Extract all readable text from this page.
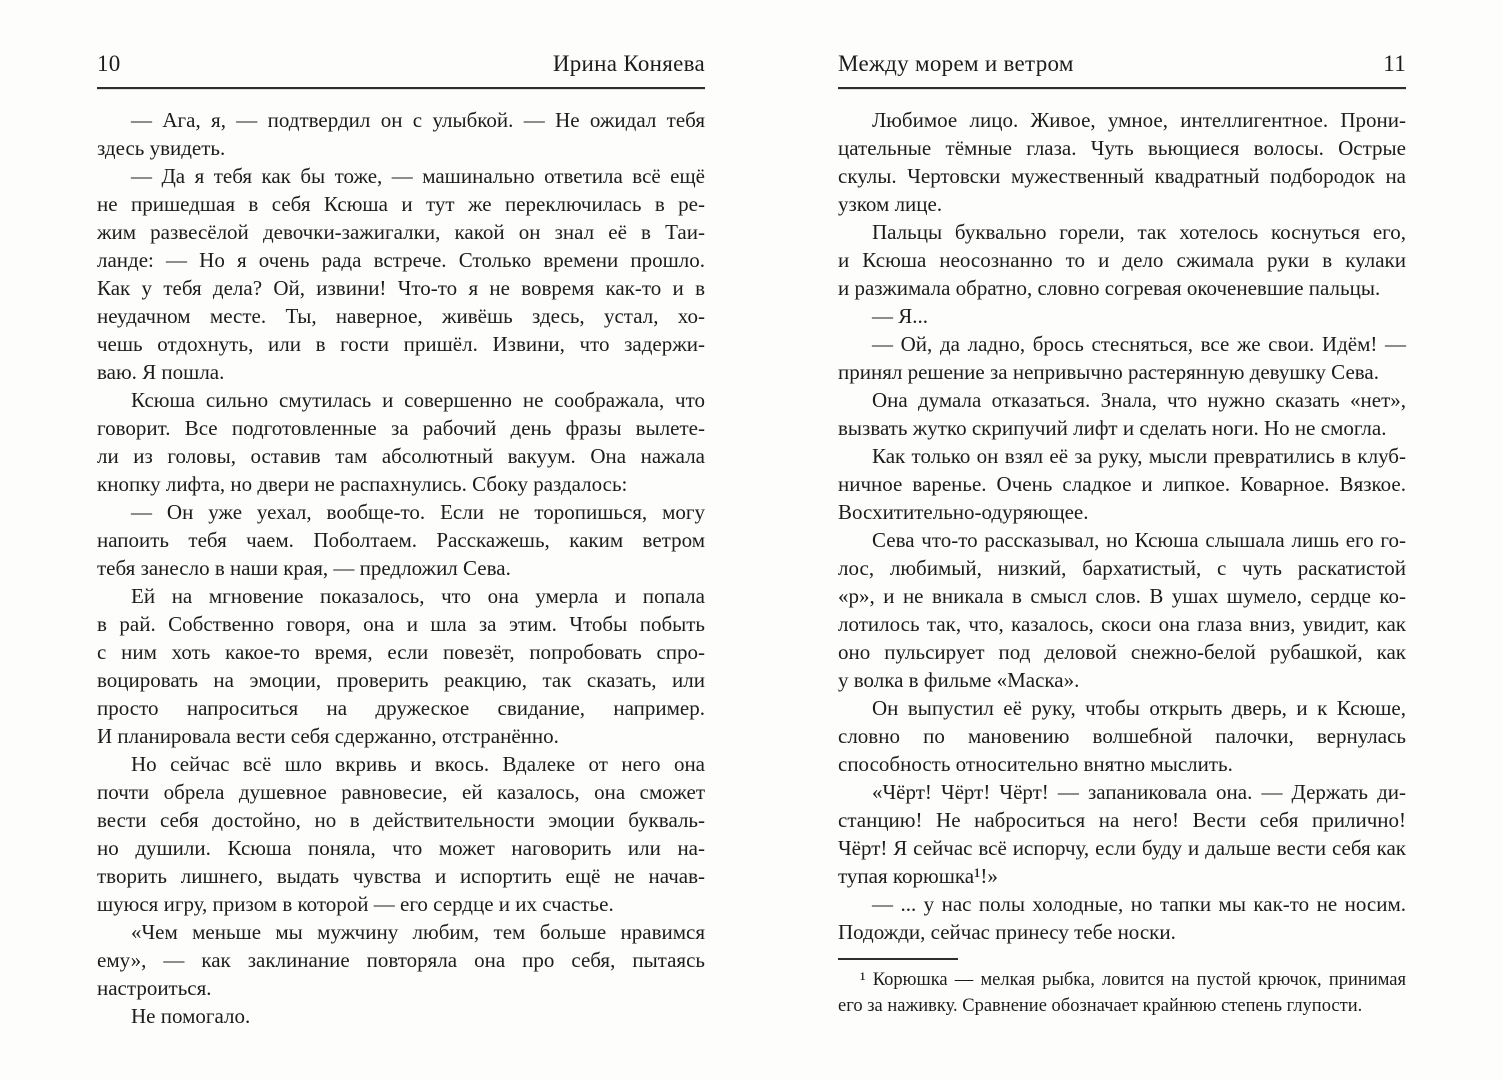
10	Ирина Коняева
— Ага, я, — подтвердил он с улыбкой. — Не ожидал тебя
здесь увидеть.
— Да я тебя как бы тоже, — машинально ответила всё ещё
не пришедшая в себя Ксюша и тут же переключилась в ре-
жим развесёлой девочки-зажигалки, какой он знал её в Таи-
ланде: — Но я очень рада встрече. Столько времени прошло.
Как у тебя дела? Ой, извини! Что-то я не вовремя как-то и в
неудачном месте. Ты, наверное, живёшь здесь, устал, хо-
чешь отдохнуть, или в гости пришёл. Извини, что задержи-
ваю. Я пошла.
Ксюша сильно смутилась и совершенно не соображала, что
говорит. Все подготовленные за рабочий день фразы вылете-
ли из головы, оставив там абсолютный вакуум. Она нажала
кнопку лифта, но двери не распахнулись. Сбоку раздалось:
— Он уже уехал, вообще-то. Если не торопишься, могу
напоить тебя чаем. Поболтаем. Расскажешь, каким ветром
тебя занесло в наши края, — предложил Сева.
Ей на мгновение показалось, что она умерла и попала
в рай. Собственно говоря, она и шла за этим. Чтобы побыть
с ним хоть какое-то время, если повезёт, попробовать спро-
воцировать на эмоции, проверить реакцию, так сказать, или
просто напроситься на дружеское свидание, например.
И планировала вести себя сдержанно, отстранённо.
Но сейчас всё шло вкривь и вкось. Вдалеке от него она
почти обрела душевное равновесие, ей казалось, она сможет
вести себя достойно, но в действительности эмоции букваль-
но душили. Ксюша поняла, что может наговорить или на-
творить лишнего, выдать чувства и испортить ещё не начав-
шуюся игру, призом в которой — его сердце и их счастье.
«Чем меньше мы мужчину любим, тем больше нравимся
ему», — как заклинание повторяла она про себя, пытаясь
настроиться.
Не помогало.
Между морем и ветром	11
Любимое лицо. Живое, умное, интеллигентное. Прони-
цательные тёмные глаза. Чуть вьющиеся волосы. Острые
скулы. Чертовски мужественный квадратный подбородок на
узком лице.
Пальцы буквально горели, так хотелось коснуться его,
и Ксюша неосознанно то и дело сжимала руки в кулаки
и разжимала обратно, словно согревая окоченевшие пальцы.
— Я...
— Ой, да ладно, брось стесняться, все же свои. Идём! —
принял решение за непривычно растерянную девушку Сева.
Она думала отказаться. Знала, что нужно сказать «нет»,
вызвать жутко скрипучий лифт и сделать ноги. Но не смогла.
Как только он взял её за руку, мысли превратились в клуб-
ничное варенье. Очень сладкое и липкое. Коварное. Вязкое.
Восхитительно-одуряющее.
Сева что-то рассказывал, но Ксюша слышала лишь его го-
лос, любимый, низкий, бархатистый, с чуть раскатистой
«р», и не вникала в смысл слов. В ушах шумело, сердце ко-
лотилось так, что, казалось, скоси она глаза вниз, увидит, как
оно пульсирует под деловой снежно-белой рубашкой, как
у волка в фильме «Маска».
Он выпустил её руку, чтобы открыть дверь, и к Ксюше,
словно по мановению волшебной палочки, вернулась
способность относительно внятно мыслить.
«Чёрт! Чёрт! Чёрт! — запаниковала она. — Держать ди-
станцию! Не наброситься на него! Вести себя прилично!
Чёрт! Я сейчас всё испорчу, если буду и дальше вести себя как
тупая корюшка¹!»
— ... у нас полы холодные, но тапки мы как-то не носим.
Подожди, сейчас принесу тебе носки.
¹ Корюшка — мелкая рыбка, ловится на пустой крючок, принимая
его за наживку. Сравнение обозначает крайнюю степень глупости.
